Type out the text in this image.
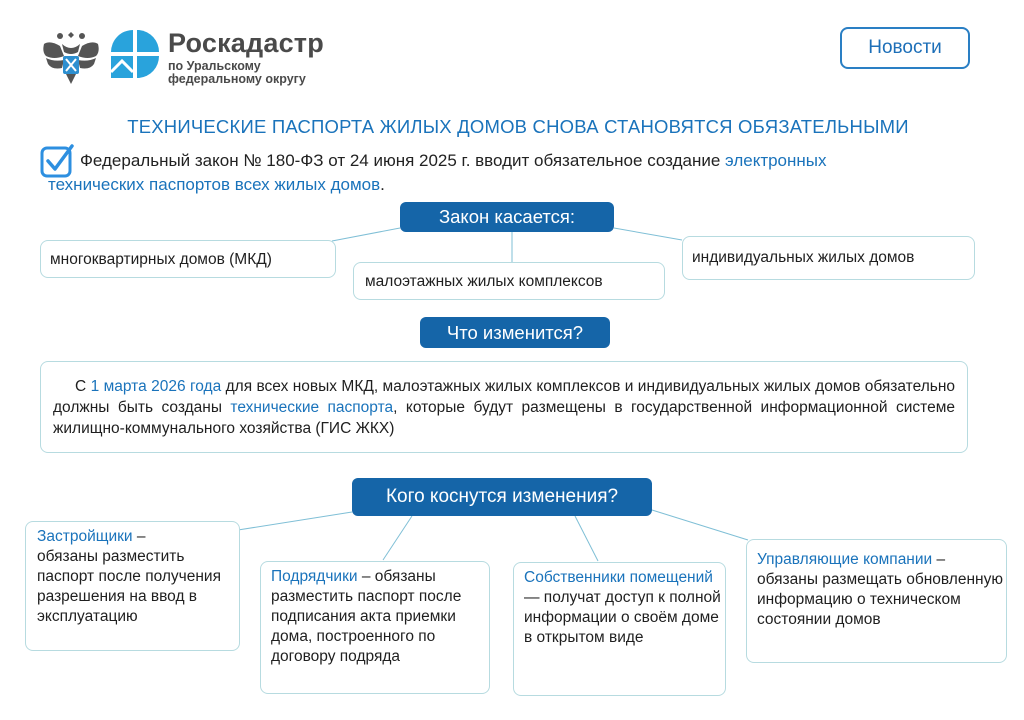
Роскадастр
по Уральскому
федеральному округу
Новости
ТЕХНИЧЕСКИЕ ПАСПОРТА ЖИЛЫХ ДОМОВ СНОВА СТАНОВЯТСЯ ОБЯЗАТЕЛЬНЫМИ
Федеральный закон № 180-ФЗ от 24 июня 2025 г. вводит обязательное создание электронных
технических паспортов всех жилых домов.
Закон касается:
многоквартирных домов (МКД)
малоэтажных жилых комплексов
индивидуальных жилых домов
Что изменится?

С 1 марта 2026 года для всех новых МКД, малоэтажных жилых комплексов и индивидуальных жилых домов обязательно должны быть созданы технические паспорта, которые будут размещены в государственной информационной системе жилищно-коммунального хозяйства (ГИС ЖКХ)

Кого коснутся изменения?
Застройщики –
обязаны разместить паспорт после получения разрешения на ввод в эксплуатацию
Подрядчики – обязаны разместить паспорт после подписания акта приемки дома, построенного по договору подряда
Собственники помещений — получат доступ к полной информации о своём доме в открытом виде
Управляющие компании – обязаны размещать обновленную информацию о техническом состоянии домов
